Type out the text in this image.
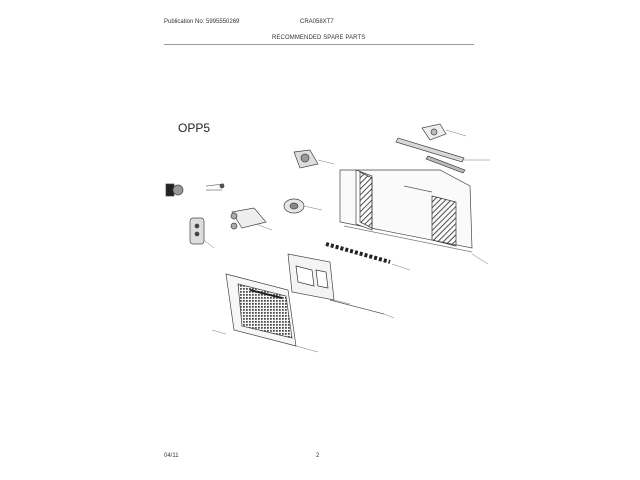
Publication No: 5995550269	CRA058XT7
RECOMMENDED SPARE PARTS
OPP5
04/11	2
